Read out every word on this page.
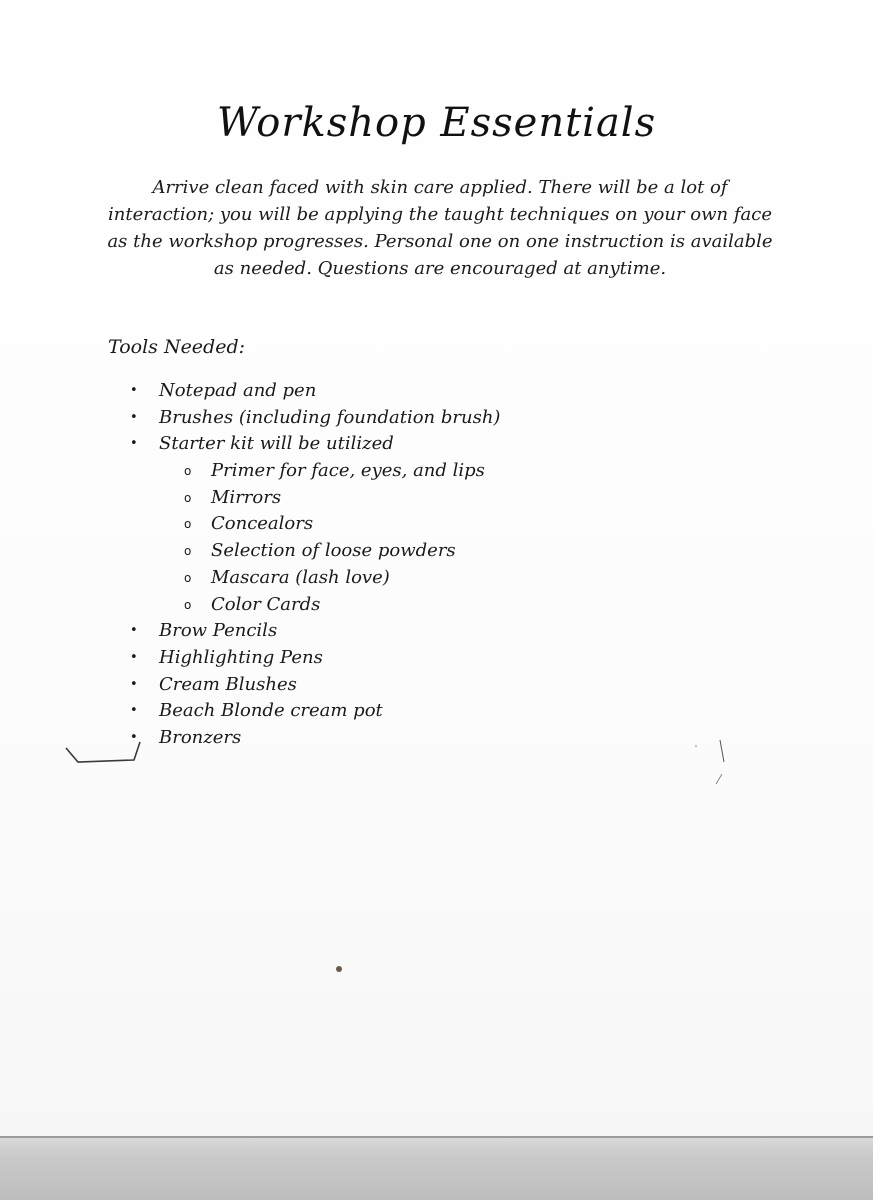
Workshop Essentials
Arrive clean faced with skin care applied. There will be a lot of interaction; you will be applying the taught techniques on your own face as the workshop progresses. Personal one on one instruction is available as needed. Questions are encouraged at anytime.
Tools Needed:
• Notepad and pen
• Brushes (including foundation brush)
• Starter kit will be utilized
o Primer for face, eyes, and lips
o Mirrors
o Concealors
o Selection of loose powders
o Mascara (lash love)
o Color Cards
• Brow Pencils
• Highlighting Pens
• Cream Blushes
• Beach Blonde cream pot
• Bronzers
